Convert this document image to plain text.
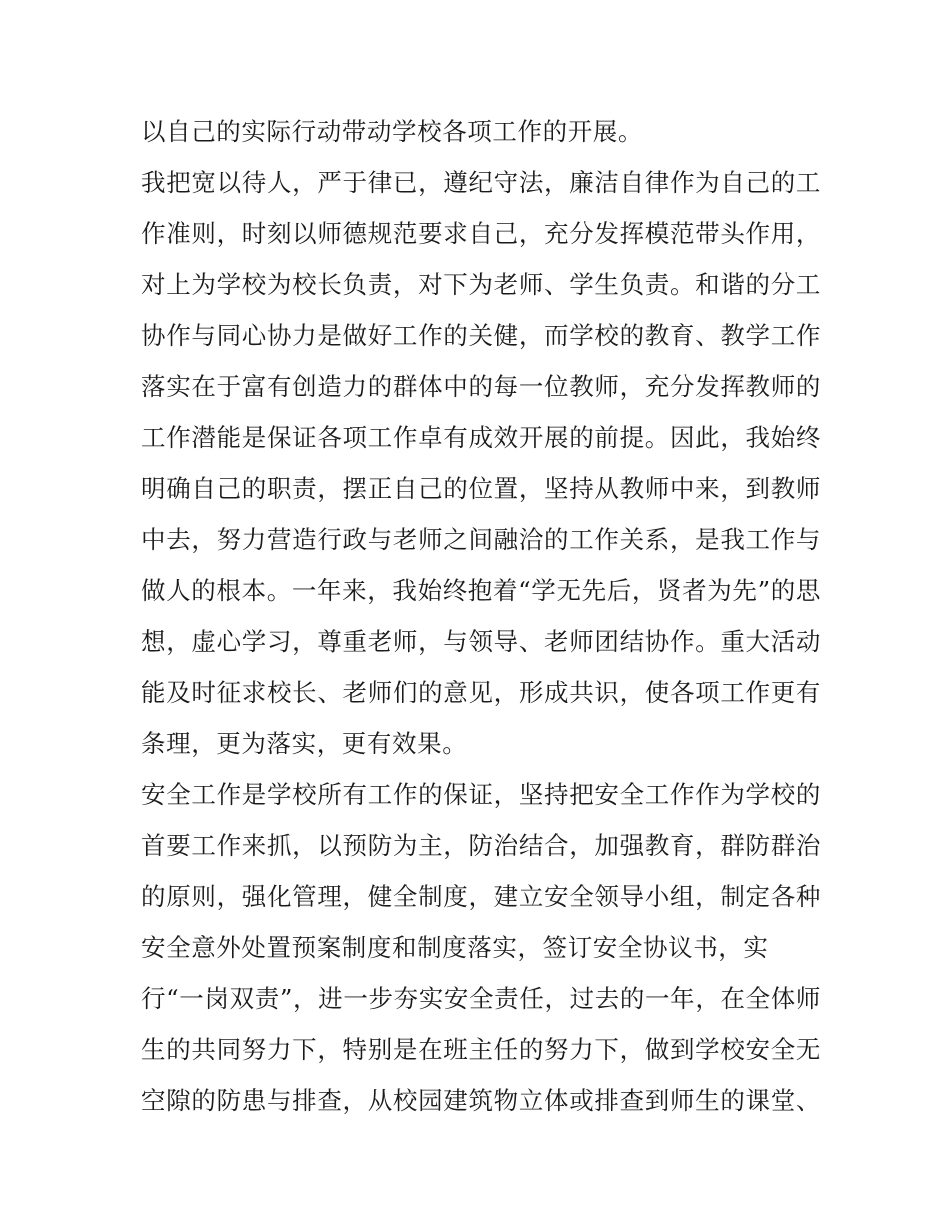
以自己的实际行动带动学校各项工作的开展。
我把宽以待人，严于律已，遵纪守法，廉洁自律作为自己的工
作准则，时刻以师德规范要求自己，充分发挥模范带头作用，
对上为学校为校长负责，对下为老师、学生负责。和谐的分工
协作与同心协力是做好工作的关健，而学校的教育、教学工作
落实在于富有创造力的群体中的每一位教师，充分发挥教师的
工作潜能是保证各项工作卓有成效开展的前提。因此，我始终
明确自己的职责，摆正自己的位置，坚持从教师中来，到教师
中去，努力营造行政与老师之间融洽的工作关系，是我工作与
做人的根本。一年来，我始终抱着“学无先后，贤者为先”的思
想，虚心学习，尊重老师，与领导、老师团结协作。重大活动
能及时征求校长、老师们的意见，形成共识，使各项工作更有
条理，更为落实，更有效果。
安全工作是学校所有工作的保证，坚持把安全工作作为学校的
首要工作来抓，以预防为主，防治结合，加强教育，群防群治
的原则，强化管理，健全制度，建立安全领导小组，制定各种
安全意外处置预案制度和制度落实，签订安全协议书，实
行“一岗双责”，进一步夯实安全责任，过去的一年，在全体师
生的共同努力下，特别是在班主任的努力下，做到学校安全无
空隙的防患与排查，从校园建筑物立体或排查到师生的课堂、
